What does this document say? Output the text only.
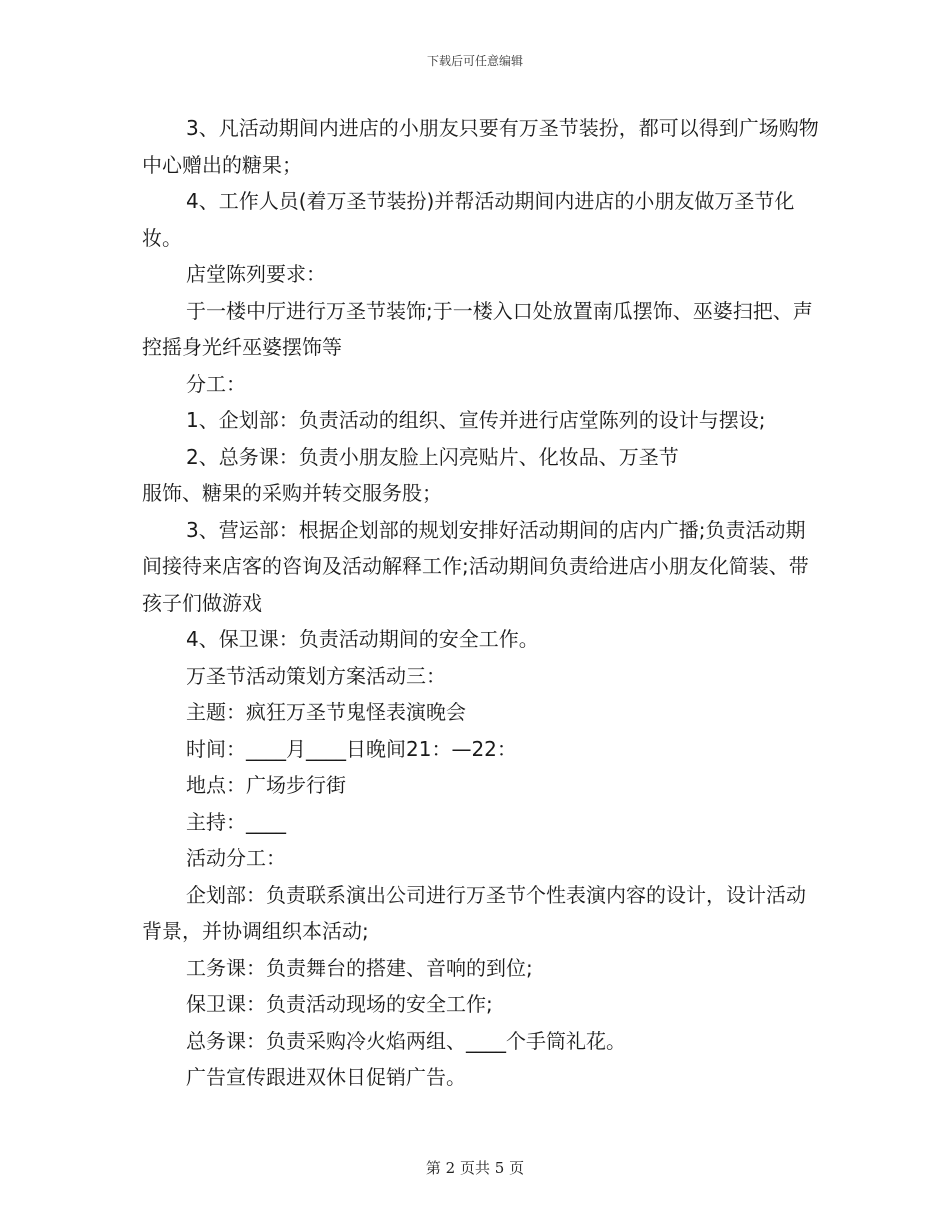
下载后可任意编辑

3、凡活动期间内进店的小朋友只要有万圣节装扮，都可以得到广场购物中心赠出的糖果；

4、工作人员(着万圣节装扮)并帮活动期间内进店的小朋友做万圣节化妆。

店堂陈列要求：

于一楼中厅进行万圣节装饰;于一楼入口处放置南瓜摆饰、巫婆扫把、声控摇身光纤巫婆摆饰等

分工：

1、企划部：负责活动的组织、宣传并进行店堂陈列的设计与摆设;

2、总务课：负责小朋友脸上闪亮贴片、化妆品、万圣节

服饰、糖果的采购并转交服务股；

3、营运部：根据企划部的规划安排好活动期间的店内广播;负责活动期间接待来店客的咨询及活动解释工作;活动期间负责给进店小朋友化简装、带孩子们做游戏

4、保卫课：负责活动期间的安全工作。

万圣节活动策划方案活动三：

主题：疯狂万圣节鬼怪表演晚会

时间：____月____日晚间21：—22：

地点：广场步行街

主持：____

活动分工：

企划部：负责联系演出公司进行万圣节个性表演内容的设计，设计活动背景，并协调组织本活动;

工务课：负责舞台的搭建、音响的到位;

保卫课：负责活动现场的安全工作;

总务课：负责采购冷火焰两组、____个手筒礼花。

广告宣传跟进双休日促销广告。

第 2 页共 5 页
